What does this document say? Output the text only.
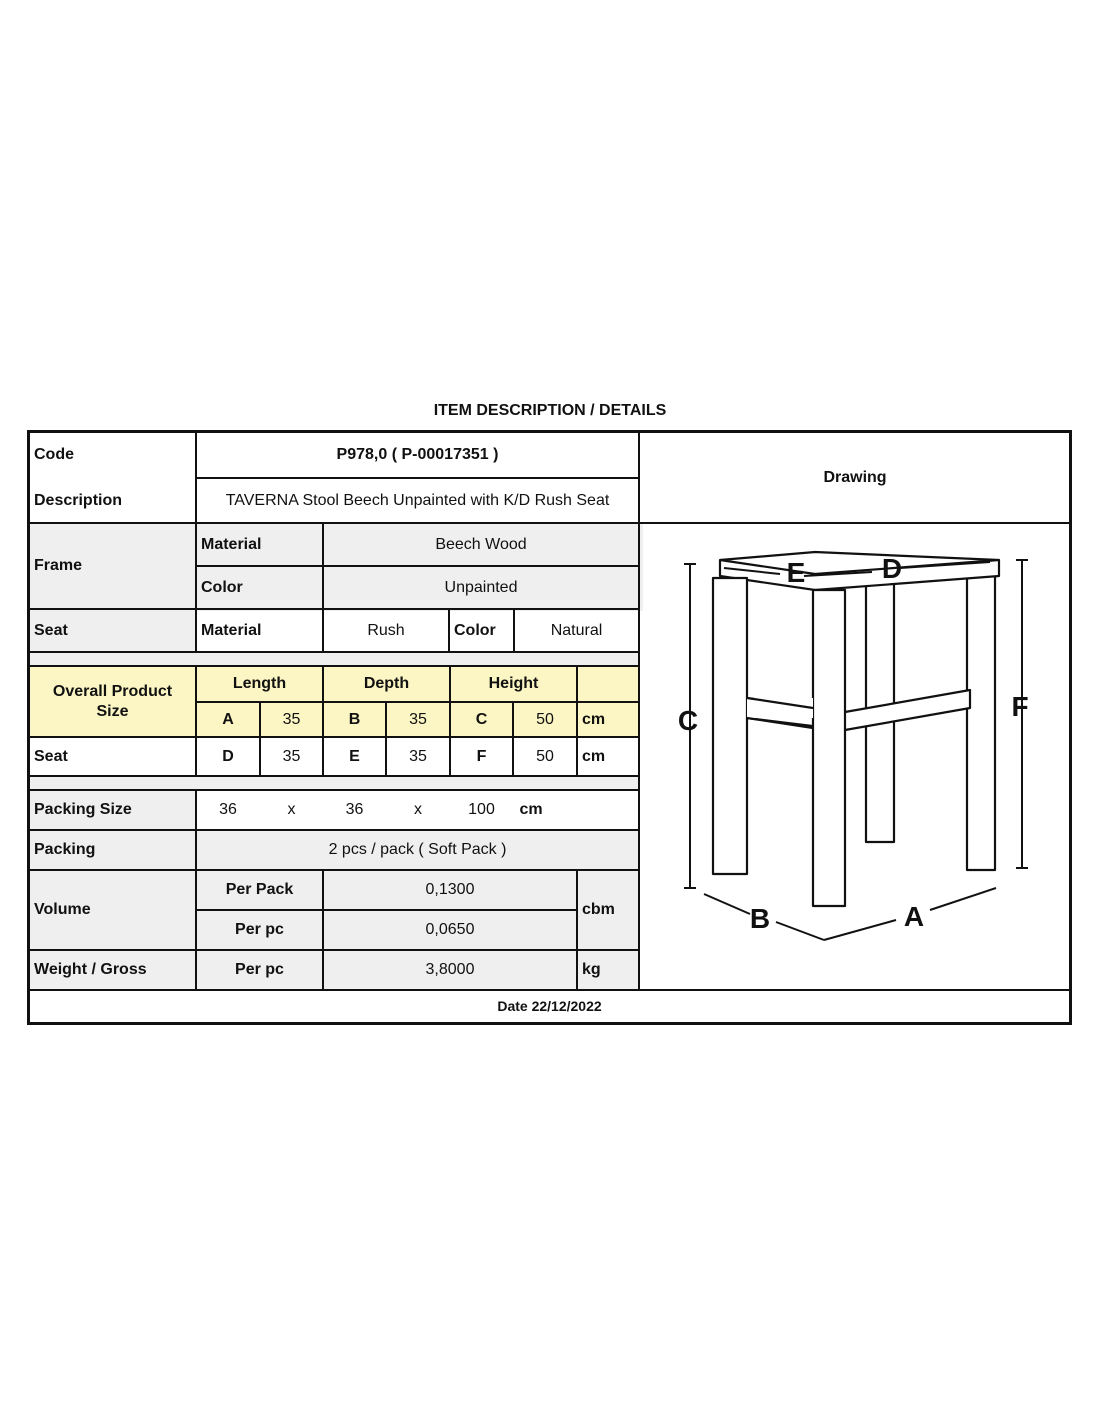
ITEM DESCRIPTION / DETAILS
Code	P978,0 ( P-00017351 )
Description	TAVERNA Stool Beech Unpainted with K/D Rush Seat
Drawing
Frame
Material	Beech Wood
Color	Unpainted
Seat	Material	Rush	Color	Natural
Overall Product Size
Length	Depth	Height
A	35	B	35	C	50	cm
Seat	D	35	E	35	F	50	cm
Packing Size	36	x	36	x	100	cm
Packing	2 pcs / pack ( Soft Pack )
Volume
Per Pack	0,1300
Per pc	0,0650
cbm
Weight / Gross	Per pc	3,8000	kg
Date 22/12/2022
C	F
B	A
E	D
